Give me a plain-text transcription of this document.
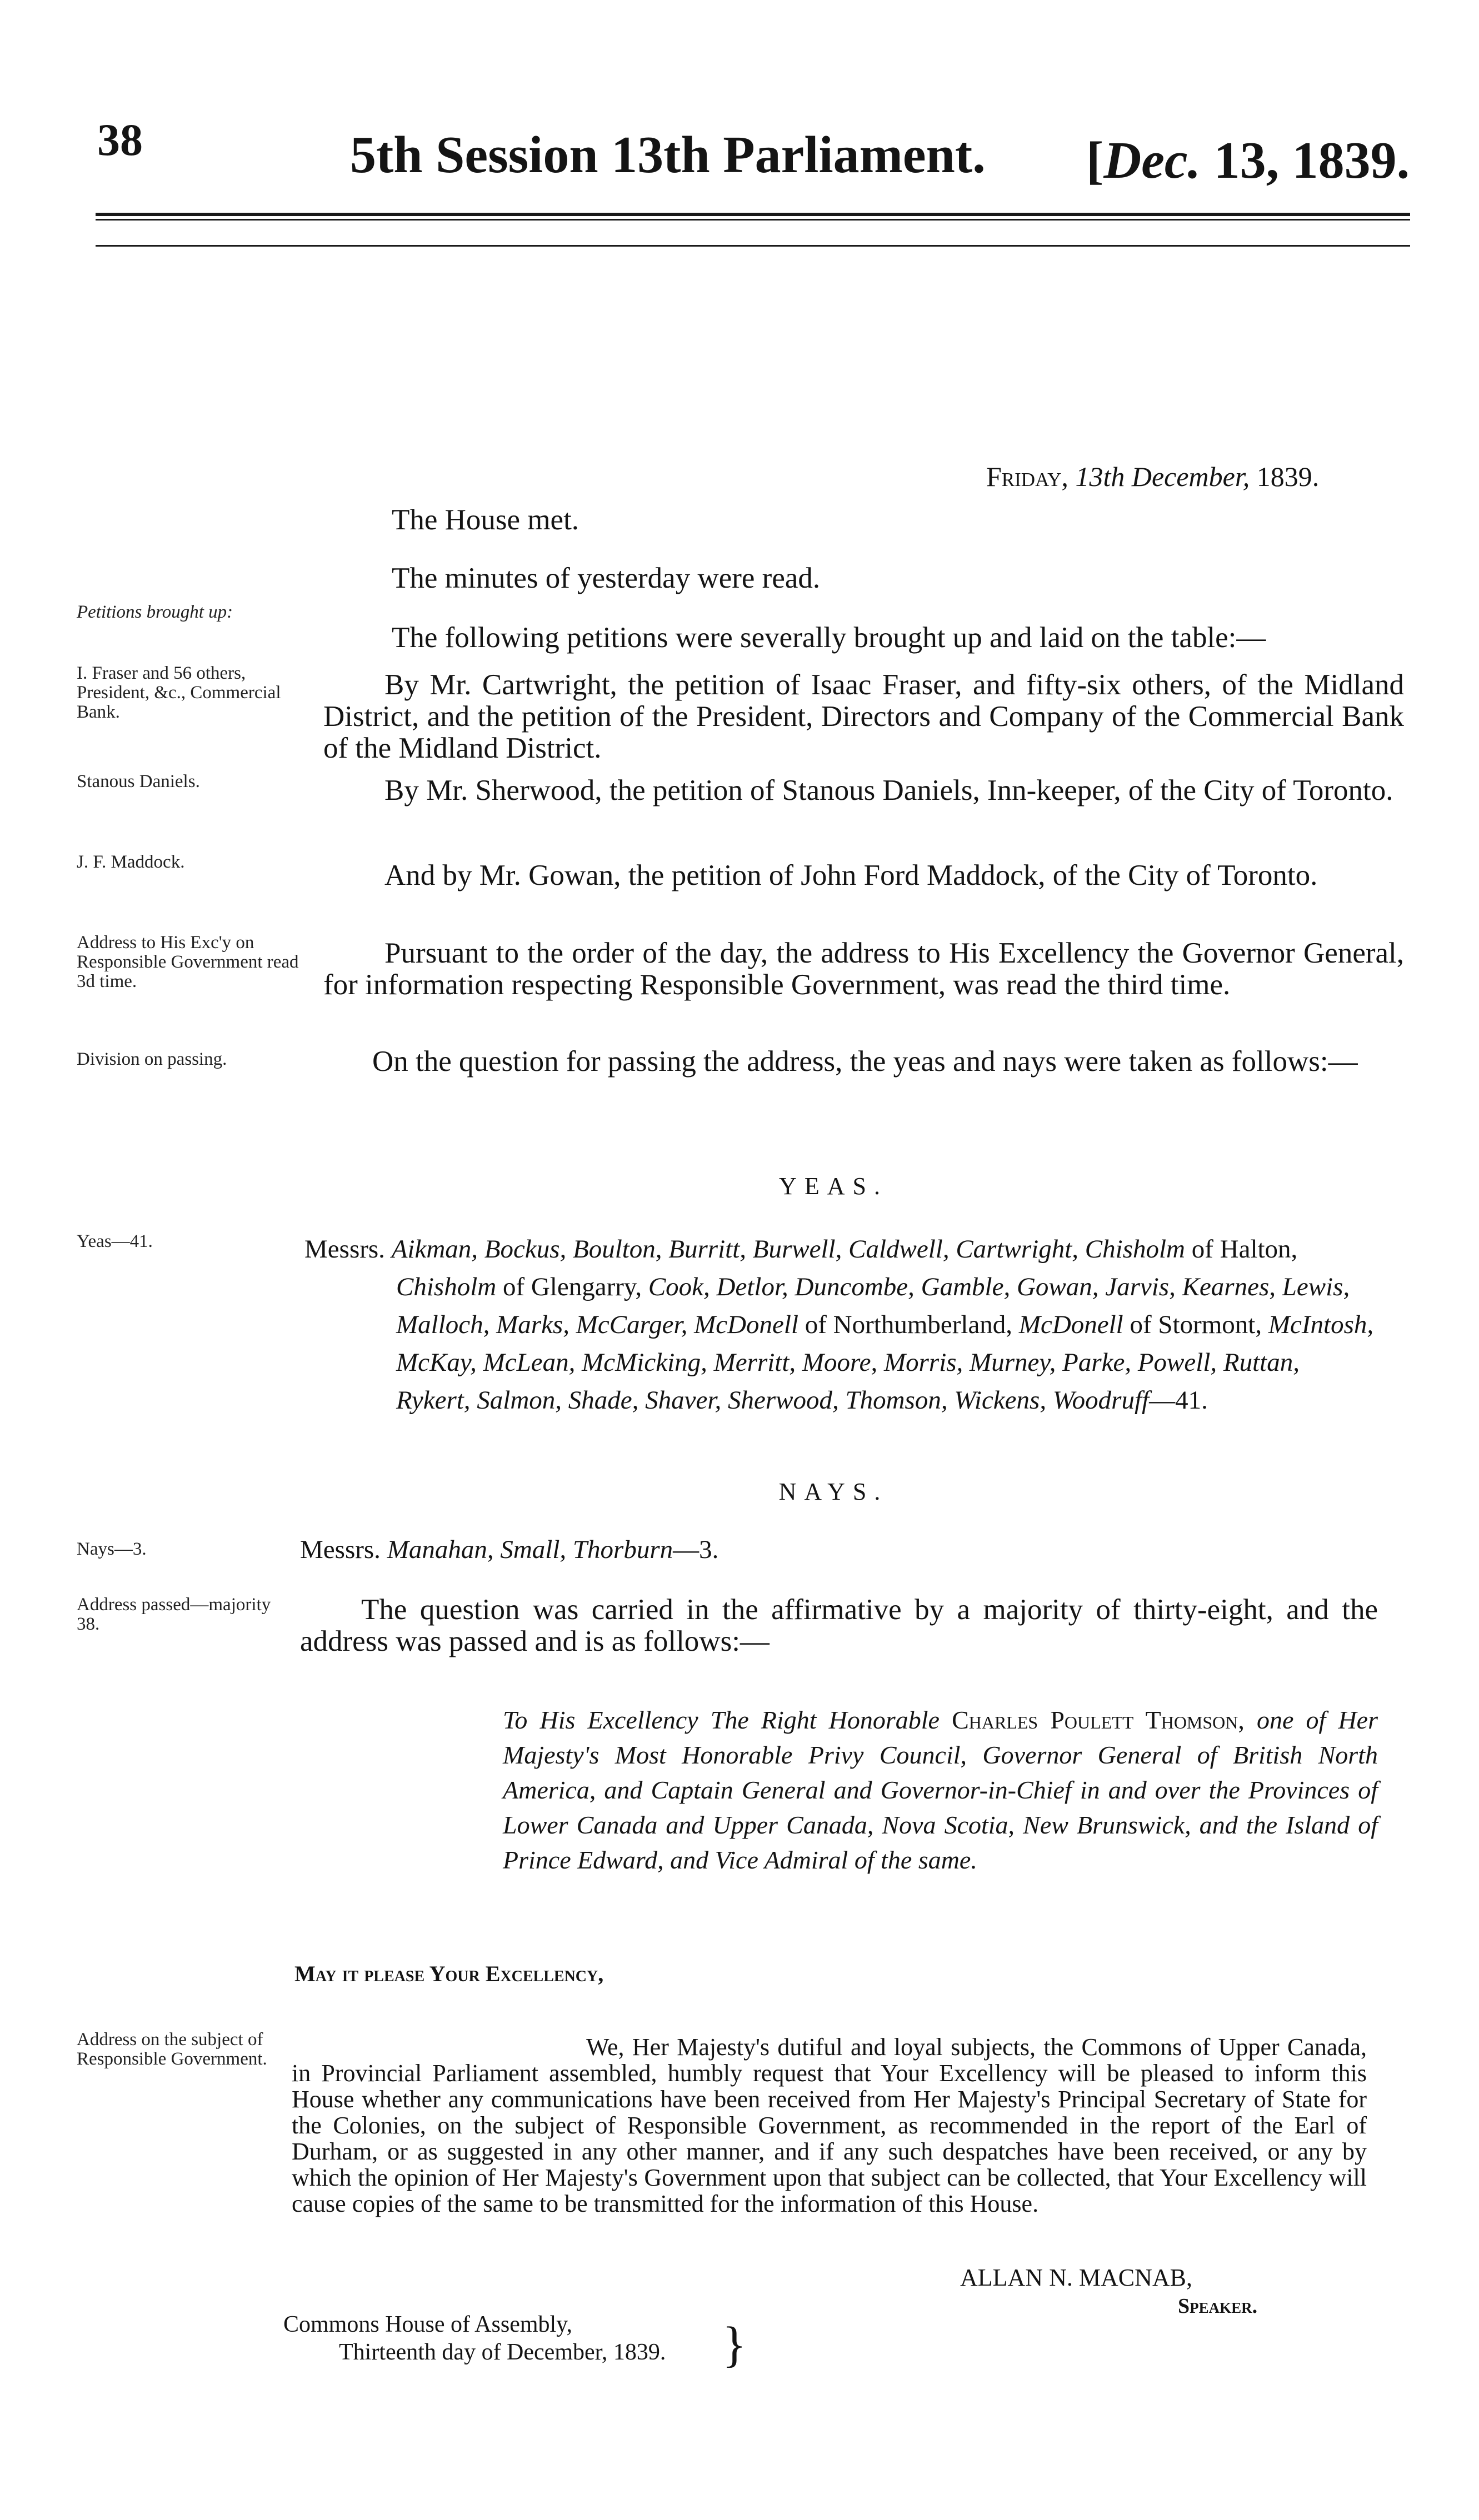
38	5th Session 13th Parliament. [Dec. 13, 1839.
Friday, 13th December, 1839.
The House met.
The minutes of yesterday were read.
Petitions brought up:
The following petitions were severally brought up and laid on the table:—
I. Fraser and 56 others, President, &c., Commercial Bank.
By Mr. Cartwright, the petition of Isaac Fraser, and fifty-six others, of the Midland District, and the petition of the President, Directors and Company of the Commercial Bank of the Midland District.
Stanous Daniels.	By Mr. Sherwood, the petition of Stanous Daniels, Inn-keeper, of the City of Toronto.
J. F. Maddock.	And by Mr. Gowan, the petition of John Ford Maddock, of the City of Toronto.
Address to His Exc'y on Responsible Government read 3d time.
Pursuant to the order of the day, the address to His Excellency the Governor General, for information respecting Responsible Government, was read the third time.
Division on passing.	On the question for passing the address, the yeas and nays were taken as follows:—
YEAS.
Yeas—41.	Messrs. Aikman, Bockus, Boulton, Burritt, Burwell, Caldwell, Cartwright, Chisholm of Halton,
Chisholm of Glengarry, Cook, Detlor, Duncombe, Gamble, Gowan, Jarvis, Kearnes, Lewis,
Malloch, Marks, McCarger, McDonell of Northumberland, McDonell of Stormont, McIntosh,
McKay, McLean, McMicking, Merritt, Moore, Morris, Murney, Parke, Powell, Ruttan,
Rykert, Salmon, Shade, Shaver, Sherwood, Thomson, Wickens, Woodruff—41.
NAYS.
Nays—3.	Messrs. Manahan, Small, Thorburn—3.
Address passed—majority 38.	The question was carried in the affirmative by a majority of thirty-eight, and the address was passed and is as follows:—
To His Excellency The Right Honorable Charles Poulett Thomson, one of Her Majesty's Most Honorable Privy Council, Governor General of British North America, and Captain General and Governor-in-Chief in and over the Provinces of Lower Canada and Upper Canada, Nova Scotia, New Brunswick, and the Island of Prince Edward, and Vice Admiral of the same.
May it please Your Excellency,
Address on the subject of Responsible Government.	We, Her Majesty's dutiful and loyal subjects, the Commons of Upper Canada, in Provincial Parliament assembled, humbly request that Your Excellency will be pleased to inform this House whether any communications have been received from Her Majesty's Principal Secretary of State for the Colonies, on the subject of Responsible Government, as recommended in the report of the Earl of Durham, or as suggested in any other manner, and if any such despatches have been received, or any by which the opinion of Her Majesty's Government upon that subject can be collected, that Your Excellency will cause copies of the same to be transmitted for the information of this House.
ALLAN N. MACNAB,
Speaker.
Commons House of Assembly,
Thirteenth day of December, 1839. }
